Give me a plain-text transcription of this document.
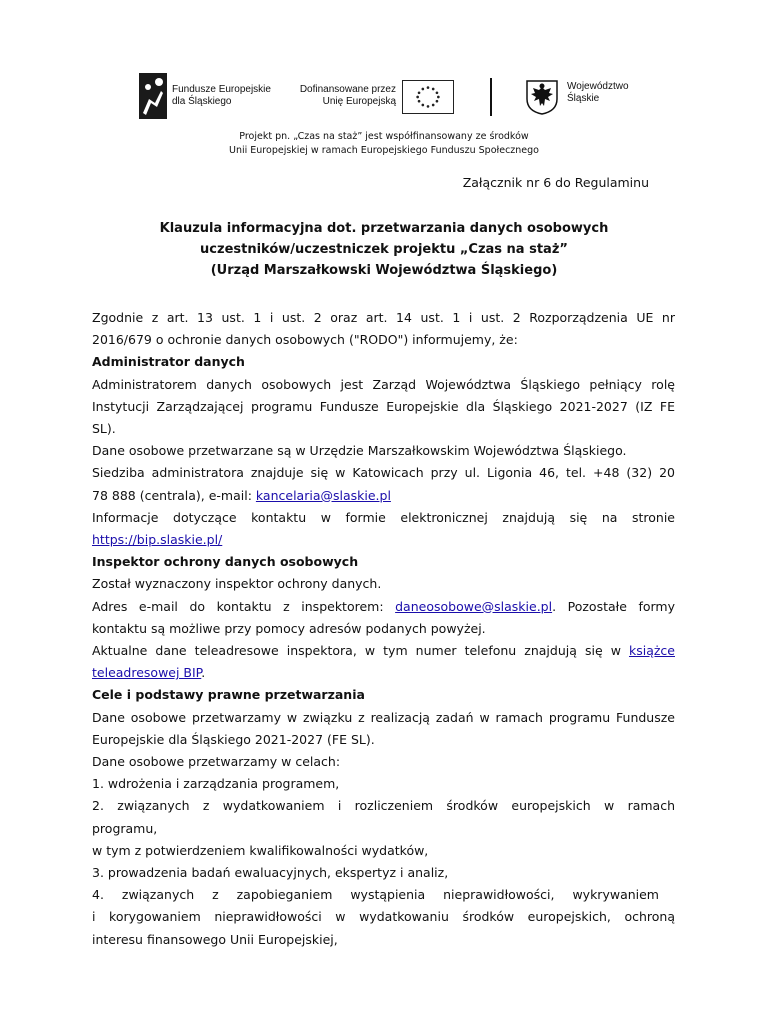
Fundusze Europejskie
dla Śląskiego
Dofinansowane przez
Unię Europejską
Województwo
Śląskie
Projekt pn. „Czas na staż” jest współfinansowany ze środków
Unii Europejskiej w ramach Europejskiego Funduszu Społecznego
Załącznik nr 6 do Regulaminu
Klauzula informacyjna dot. przetwarzania danych osobowych
uczestników/uczestniczek projektu „Czas na staż”
(Urząd Marszałkowski Województwa Śląskiego)

Zgodnie z art. 13 ust. 1 i ust. 2 oraz art. 14 ust. 1 i ust. 2 Rozporządzenia UE nr

2016/679 o ochronie danych osobowych ("RODO") informujemy, że:

Administrator danych

Administratorem danych osobowych jest Zarząd Województwa Śląskiego pełniący rolę

Instytucji Zarządzającej programu Fundusze Europejskie dla Śląskiego 2021-2027 (IZ FE

SL).

Dane osobowe przetwarzane są w Urzędzie Marszałkowskim Województwa Śląskiego.

Siedziba administratora znajduje się w Katowicach przy ul. Ligonia 46, tel. +48 (32) 20

78 888 (centrala), e-mail: kancelaria@slaskie.pl

Informacje dotyczące kontaktu w formie elektronicznej znajdują się na stronie

https://bip.slaskie.pl/

Inspektor ochrony danych osobowych

Został wyznaczony inspektor ochrony danych.

Adres e-mail do kontaktu z inspektorem: daneosobowe@slaskie.pl. Pozostałe formy

kontaktu są możliwe przy pomocy adresów podanych powyżej.

Aktualne dane teleadresowe inspektora, w tym numer telefonu znajdują się w książce

teleadresowej BIP.

Cele i podstawy prawne przetwarzania

Dane osobowe przetwarzamy w związku z realizacją zadań w ramach programu Fundusze

Europejskie dla Śląskiego 2021-2027 (FE SL).

Dane osobowe przetwarzamy w celach:

1. wdrożenia i zarządzania programem,

2. związanych z wydatkowaniem i rozliczeniem środków europejskich w ramach

programu,

w tym z potwierdzeniem kwalifikowalności wydatków,

3. prowadzenia badań ewaluacyjnych, ekspertyz i analiz,

4. związanych z zapobieganiem wystąpienia nieprawidłowości, wykrywaniem

i korygowaniem nieprawidłowości w wydatkowaniu środków europejskich, ochroną

interesu finansowego Unii Europejskiej,
